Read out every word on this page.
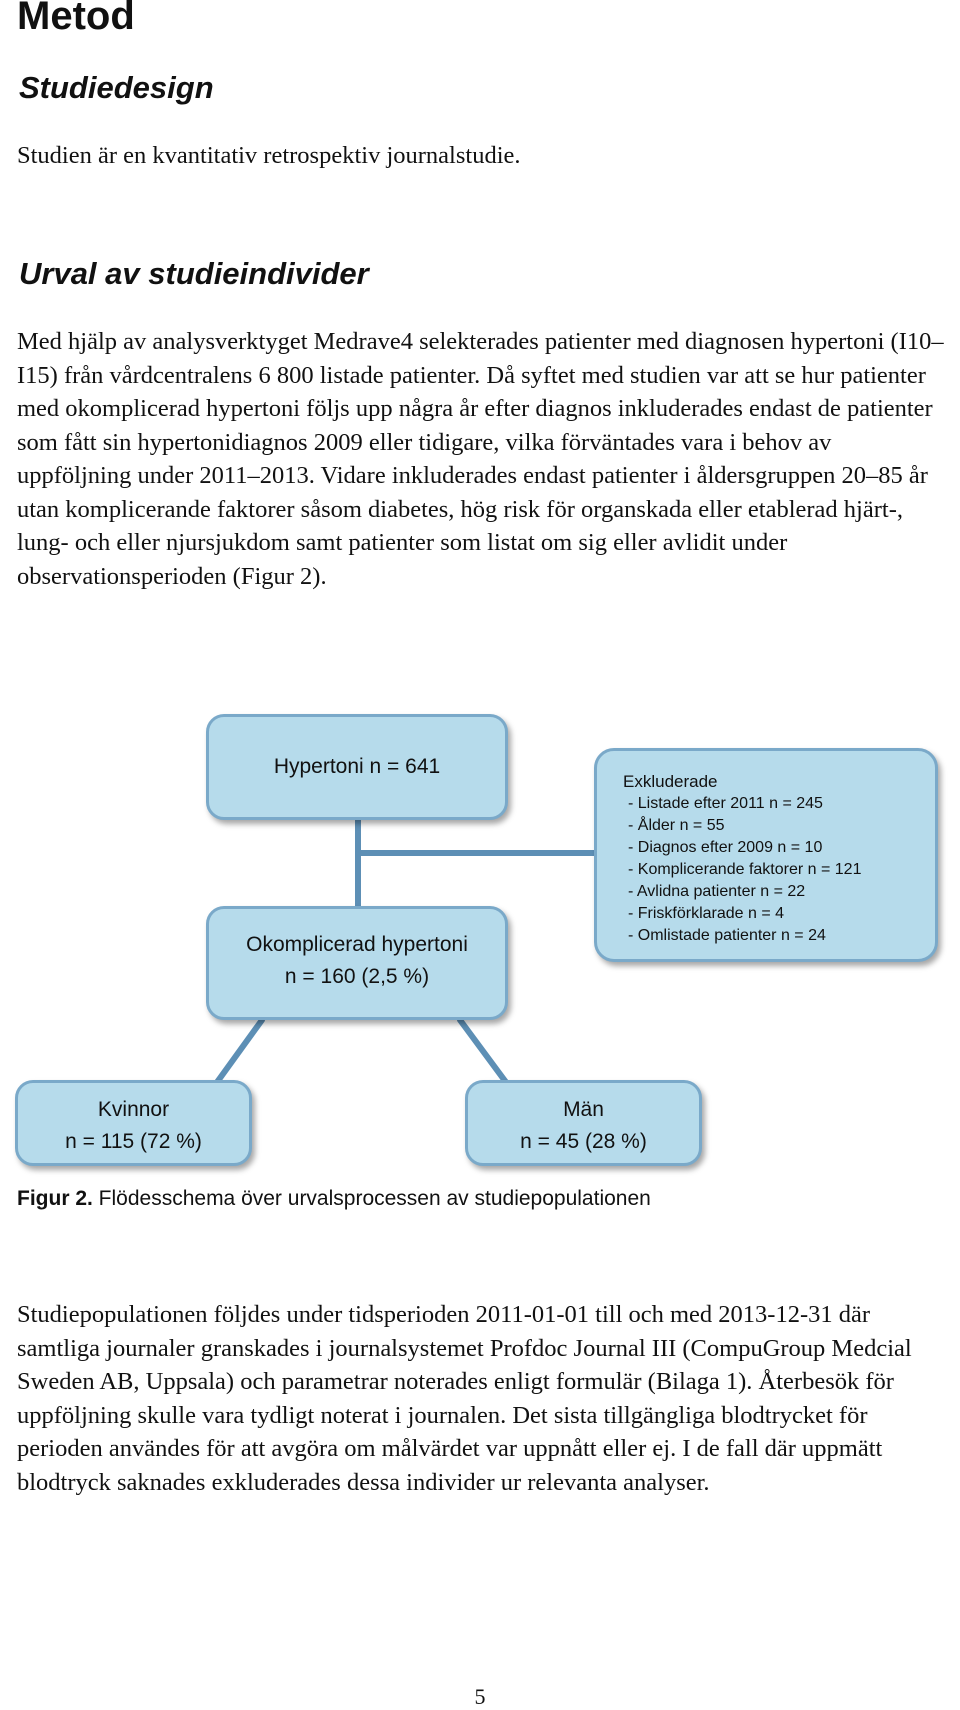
Metod
Studiedesign

Studien är en kvantitativ retrospektiv journalstudie.

Urval av studieindivider

Med hjälp av analysverktyget Medrave4 selekterades patienter med diagnosen hypertoni (I10–I15) från vårdcentralens 6 800 listade patienter. Då syftet med studien var att se hur patienter med okomplicerad hypertoni följs upp några år efter diagnos inkluderades endast de patienter som fått sin hypertonidiagnos 2009 eller tidigare, vilka förväntades vara i behov av uppföljning under 2011–2013. Vidare inkluderades endast patienter i åldersgruppen 20–85 år utan komplicerande faktorer såsom diabetes, hög risk för organskada eller etablerad hjärt-, lung- och eller njursjukdom samt patienter som listat om sig eller avlidit under observationsperioden (Figur 2).

Hypertoni n = 641
Okomplicerad hypertoni
n = 160 (2,5 %)
Exkluderade
- Listade efter 2011 n = 245
- Ålder n = 55
- Diagnos efter 2009 n = 10
- Komplicerande faktorer n = 121
- Avlidna patienter n = 22
- Friskförklarade n = 4
- Omlistade patienter n = 24
Kvinnor
n = 115 (72 %)
Män
n = 45 (28 %)
Figur 2. Flödesschema över urvalsprocessen av studiepopulationen

Studiepopulationen följdes under tidsperioden 2011-01-01 till och med 2013-12-31 där samtliga journaler granskades i journalsystemet Profdoc Journal III (CompuGroup Medcial Sweden AB, Uppsala) och parametrar noterades enligt formulär (Bilaga 1). Återbesök för uppföljning skulle vara tydligt noterat i journalen. Det sista tillgängliga blodtrycket för perioden användes för att avgöra om målvärdet var uppnått eller ej. I de fall där uppmätt blodtryck saknades exkluderades dessa individer ur relevanta analyser.

5
